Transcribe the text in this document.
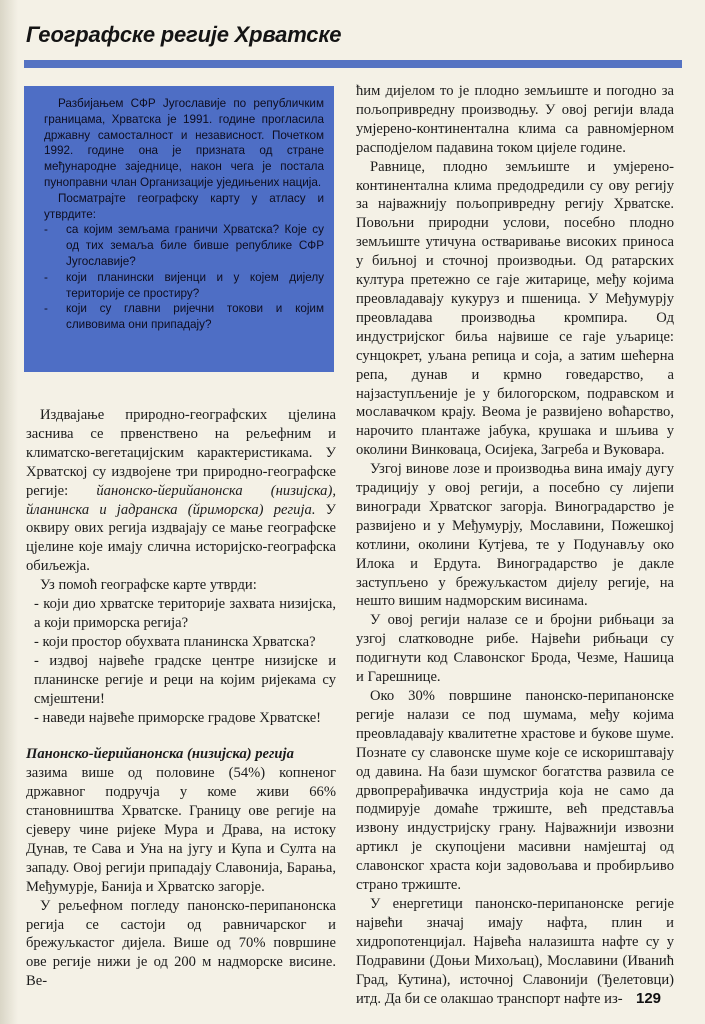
Географске регије Хрватске

Разбијањем СФР Југославије по републичким границама, Хрватска је 1991. године прогласила државну самосталност и независност. Почетком 1992. године она је призната од стране међународне заједнице, након чега је постала пуноправни члан Организације уједињених нација.

Посматрајте географску карту у атласу и утврдите:

- са којим земљама граничи Хрватска? Које су од тих земаља биле бивше републике СФР Југославије?
- који планински вијенци и у којем дијелу територије се простиру?
- који су главни ријечни токови и којим сливовима они припадају?

Издвајање природно-географских цјелина заснива се првенствено на рељефним и климатско-вегетацијским карактеристикама. У Хрватској су издвојене три природно-географске регије: йанонско-йерийанонска (низијска), йланинска и јадранска (йриморска) регија. У оквиру ових регија издвајају се мање географске цјелине које имају слична историјско-географска обиљежја.

Уз помоћ географске карте утврди:

- који дио хрватске територије захвата низијска, а који приморска регија?

- који простор обухвата планинска Хрватска?

- издвој највеће градске центре низијске и планинске регије и реци на којим ријекама су смјештени!

- наведи највеће приморске градове Хрватске!

Панонско-йерийанонска (низијска) регија

зазима више од половине (54%) копненог државног подручја у коме живи 66% становништва Хрватске. Границу ове регије на сјеверу чине ријеке Мура и Драва, на истоку Дунав, те Сава и Уна на југу и Купа и Султа на западу. Овој регији припадају Славонија, Барања, Међумурје, Банија и Хрватско загорје.

У рељефном погледу панонско-перипанонска регија се састоји од равничарског и брежуљкастог дијела. Више од 70% површине ове регије нижи је од 200 м надморске висине. Ве-

ћим дијелом то је плодно земљиште и погодно за пољопривредну производњу. У овој регији влада умјерено-континентална клима са равномјерном расподјелом падавина током цијеле године.

Равнице, плодно земљиште и умјерено-континентална клима предодредили су ову регију за најважнију пољопривредну регију Хрватске. Повољни природни услови, посебно плодно земљиште утичуна остваривање високих приноса у биљној и сточној производњи. Од ратарских култура претежно се гаје житарице, међу којима преовладавају кукуруз и пшеница. У Међумурју преовладава производња кромпира. Од индустријског биља највише се гаје уљарице: сунцокрет, уљана репица и соја, а затим шећерна репа, дунав и крмно говедарство, а најзаступљеније је у билогорском, подравском и мославачком крају. Веома је развијено воћарство, нарочито плантаже јабука, крушака и шљива у околини Винковаца, Осијека, Загреба и Вуковара.

Узгој винове лозе и производња вина имају дугу традицију у овој регији, а посебно су лијепи виногради Хрватског загорја. Виноградарство је развијено и у Међумурју, Мославини, Пожешкој котлини, околини Кутјева, те у Подунављу око Илока и Ердута. Виноградарство је дакле заступљено у брежуљкастом дијелу регије, на нешто вишим надморским висинама.

У овој регији налазе се и бројни рибњаци за узгој слатководне рибе. Највећи рибњаци су подигнути код Славонског Брода, Чезме, Нашица и Гарешнице.

Око 30% површине панонско-перипанонске регије налази се под шумама, међу којима преовладавају квалитетне храстове и букове шуме. Познате су славонске шуме које се искориштавају од давина. На бази шумског богатства развила се дрвопрерађивачка индустрија која не само да подмирује домаће тржиште, већ представља извону индустријску грану. Најважнији извозни артикл је скупоцјени масивни намјештај од славонског храста који задовољава и пробирљиво страно тржиште.

У енергетици панонско-перипанонске регије највећи значај имају нафта, плин и хидропотенцијал. Највећа налазишта нафте су у Подравини (Доњи Михољац), Мославини (Иванић Град, Кутина), источној Славонији (Ђелетовци) итд. Да би се олакшао транспорт нафте из- 129
